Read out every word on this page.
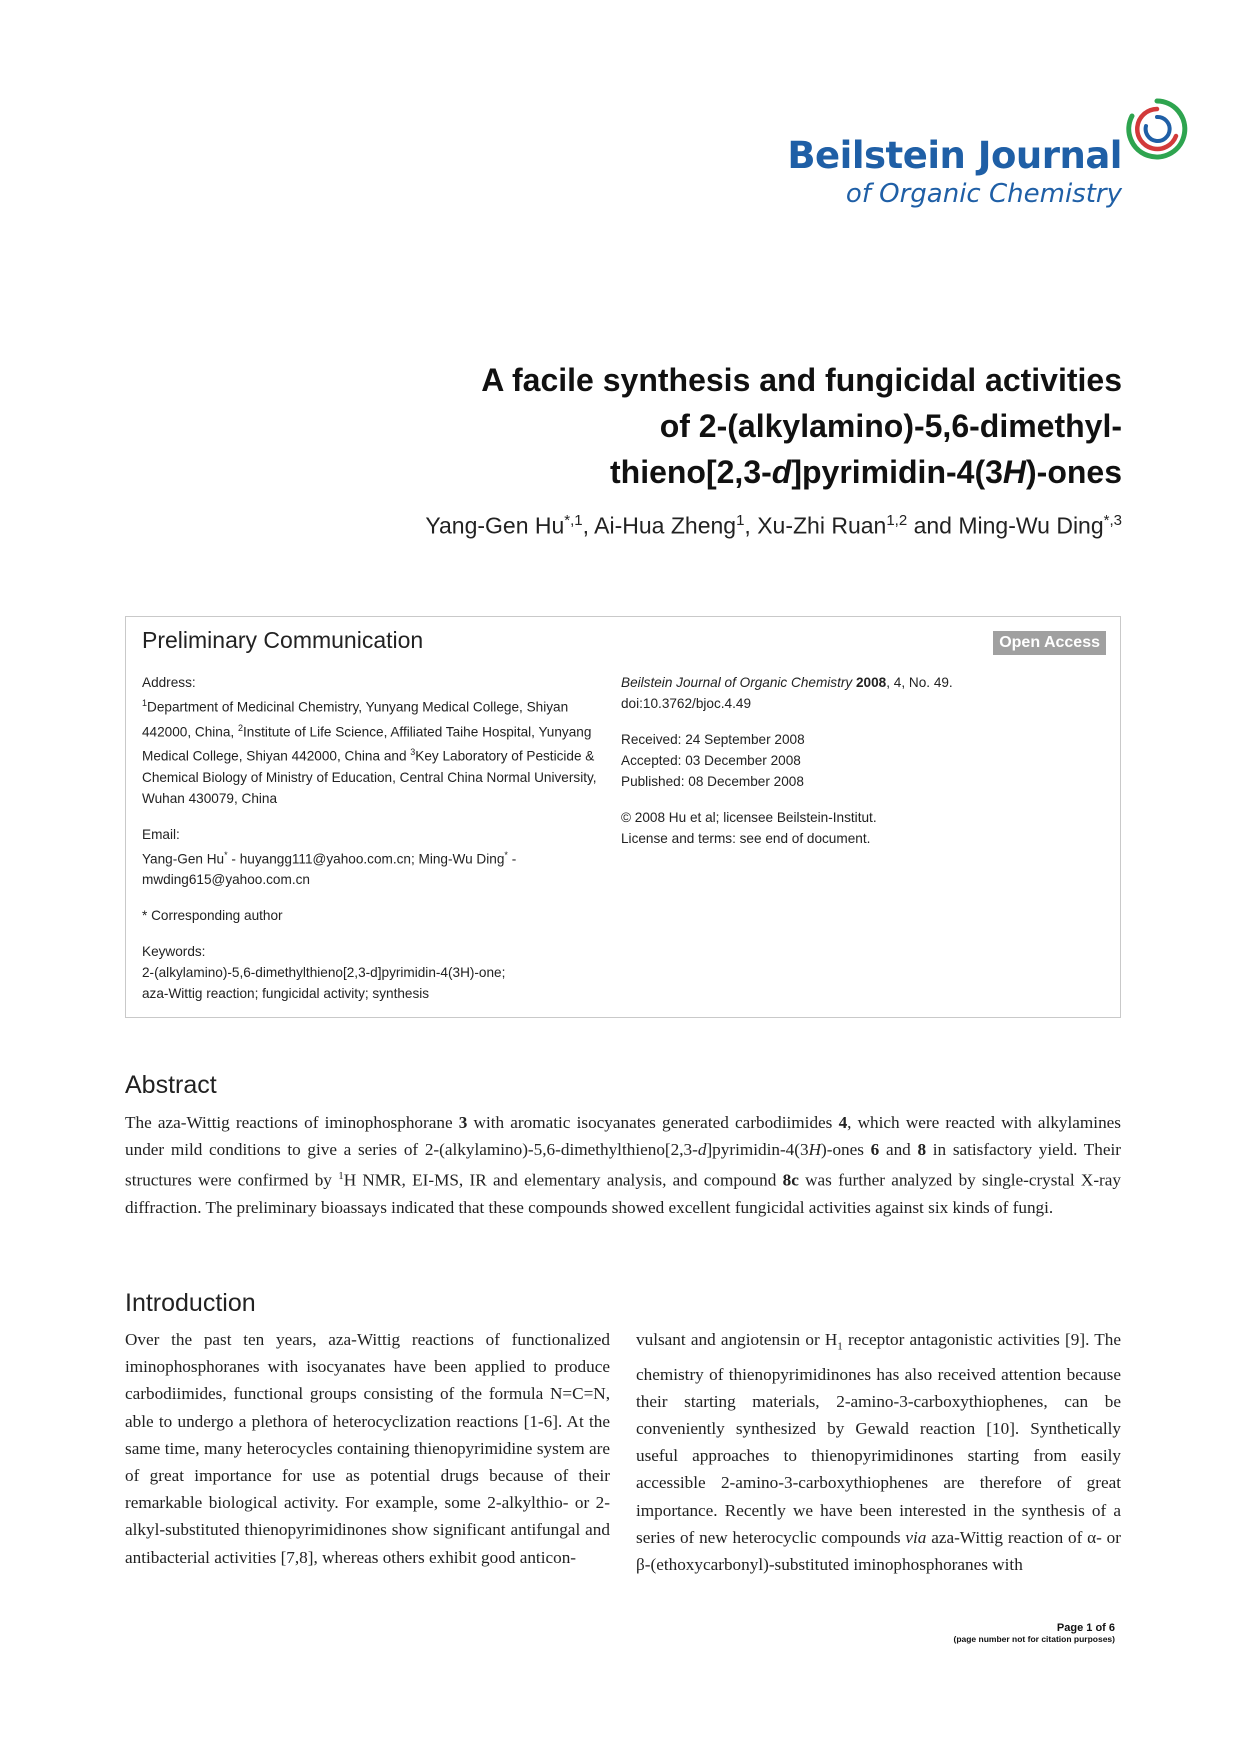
Beilstein Journal
of Organic Chemistry
A facile synthesis and fungicidal activities
of 2-(alkylamino)-5,6-dimethyl-
thieno[2,3-d]pyrimidin-4(3H)-ones
Yang-Gen $Hu^{*,1}$, Ai-Hua Zheng$^1$, Xu-Zhi Ruan$^{1,2}$ and Ming-Wu Ding$^{*,3}$
Preliminary Communication	Open Access

Address:
$^1$Department of Medicinal Chemistry, Yunyang Medical College, Shiyan 442000, China, $^2$Institute of Life Science, Affiliated Taihe Hospital, Yunyang Medical College, Shiyan 442000, China and $^3$Key Laboratory of Pesticide & Chemical Biology of Ministry of Education, Central China Normal University, Wuhan 430079, China

Email:
Yang-Gen Hu* - huyangg111@yahoo.com.cn; Ming-Wu Ding* - mwding615@yahoo.com.cn

* Corresponding author

Keywords:
2-(alkylamino)-5,6-dimethylthieno[2,3-d]pyrimidin-4(3H)-one;
aza-Wittig reaction; fungicidal activity; synthesis

Beilstein Journal of Organic Chemistry 2008, 4, No. 49.
doi:10.3762/bjoc.4.49

Received: 24 September 2008
Accepted: 03 December 2008
Published: 08 December 2008

© 2008 Hu et al; licensee Beilstein-Institut.
License and terms: see end of document.

Abstract

The aza-Wittig reactions of iminophosphorane 3 with aromatic isocyanates generated carbodiimides 4, which were reacted with alkylamines under mild conditions to give a series of 2-(alkylamino)-5,6-dimethylthieno[2,3-d]pyrimidin-4(3H)-ones 6 and 8 in satisfactory yield. Their structures were confirmed by $^1$H NMR, EI-MS, IR and elementary analysis, and compound 8c was further analyzed by single-crystal X-ray diffraction. The preliminary bioassays indicated that these compounds showed excellent fungicidal activities against six kinds of fungi.

Introduction

Over the past ten years, aza-Wittig reactions of functionalized iminophosphoranes with isocyanates have been applied to produce carbodiimides, functional groups consisting of the formula N=C=N, able to undergo a plethora of heterocyclization reactions [1-6]. At the same time, many heterocycles containing thienopyrimidine system are of great importance for use as potential drugs because of their remarkable biological activity. For example, some 2-alkylthio- or 2-alkyl-substituted thienopyrimidinones show significant antifungal and antibacterial activities [7,8], whereas others exhibit good anticon-

vulsant and angiotensin or $H_1$ receptor antagonistic activities [9]. The chemistry of thienopyrimidinones has also received attention because their starting materials, 2-amino-3-carboxythiophenes, can be conveniently synthesized by Gewald reaction [10]. Synthetically useful approaches to thienopyrimidinones starting from easily accessible 2-amino-3-carboxythiophenes are therefore of great importance. Recently we have been interested in the synthesis of a series of new heterocyclic compounds via aza-Wittig reaction of α- or β-(ethoxycarbonyl)-substituted iminophosphoranes with

Page 1 of 6
(page number not for citation purposes)
